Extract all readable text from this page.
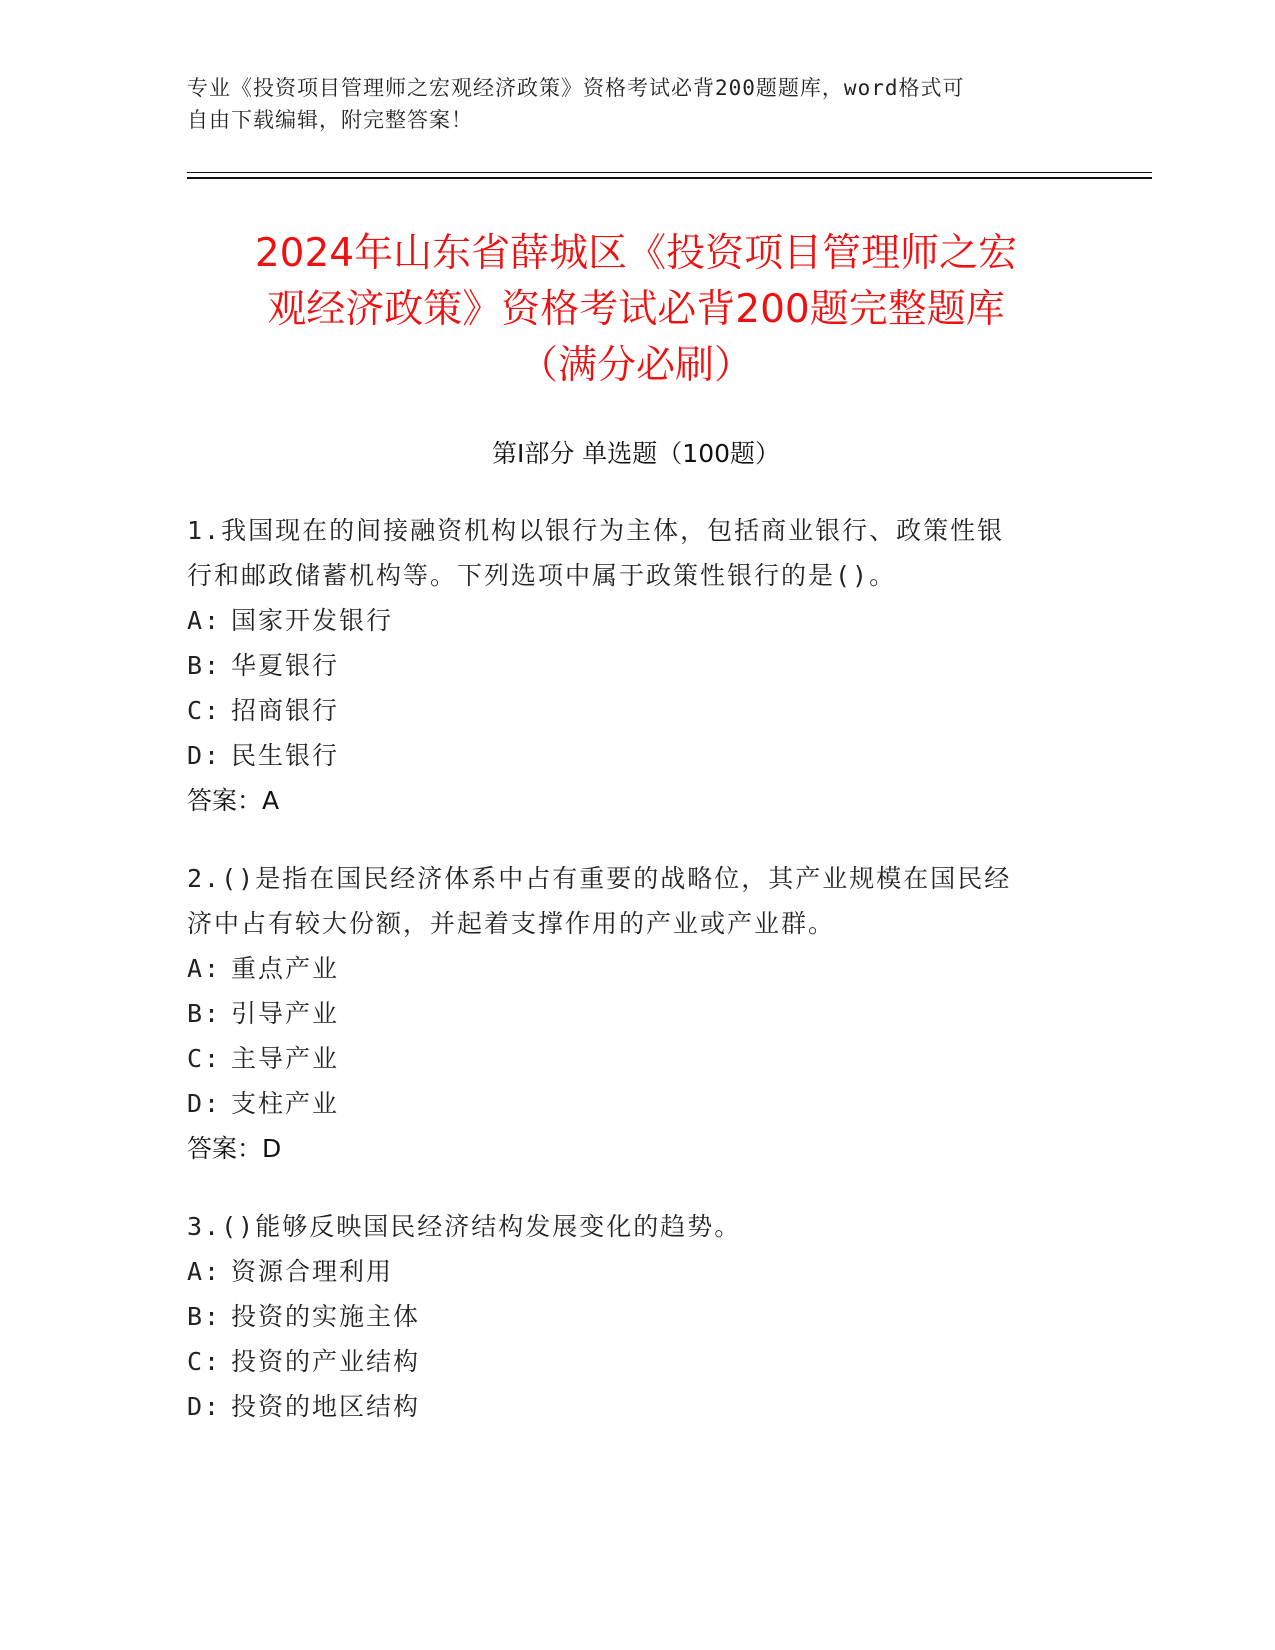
专业《投资项目管理师之宏观经济政策》资格考试必背200题题库，word格式可
自由下载编辑，附完整答案！
2024年山东省薛城区《投资项目管理师之宏
观经济政策》资格考试必背200题完整题库
（满分必刷）
第Ⅰ部分 单选题（100题）
1.我国现在的间接融资机构以银行为主体，包括商业银行、政策性银
行和邮政储蓄机构等。下列选项中属于政策性银行的是()。
A: 国家开发银行
B: 华夏银行
C: 招商银行
D: 民生银行
答案：A
2.()是指在国民经济体系中占有重要的战略位，其产业规模在国民经
济中占有较大份额，并起着支撑作用的产业或产业群。
A: 重点产业
B: 引导产业
C: 主导产业
D: 支柱产业
答案：D
3.()能够反映国民经济结构发展变化的趋势。
A: 资源合理利用
B: 投资的实施主体
C: 投资的产业结构
D: 投资的地区结构
